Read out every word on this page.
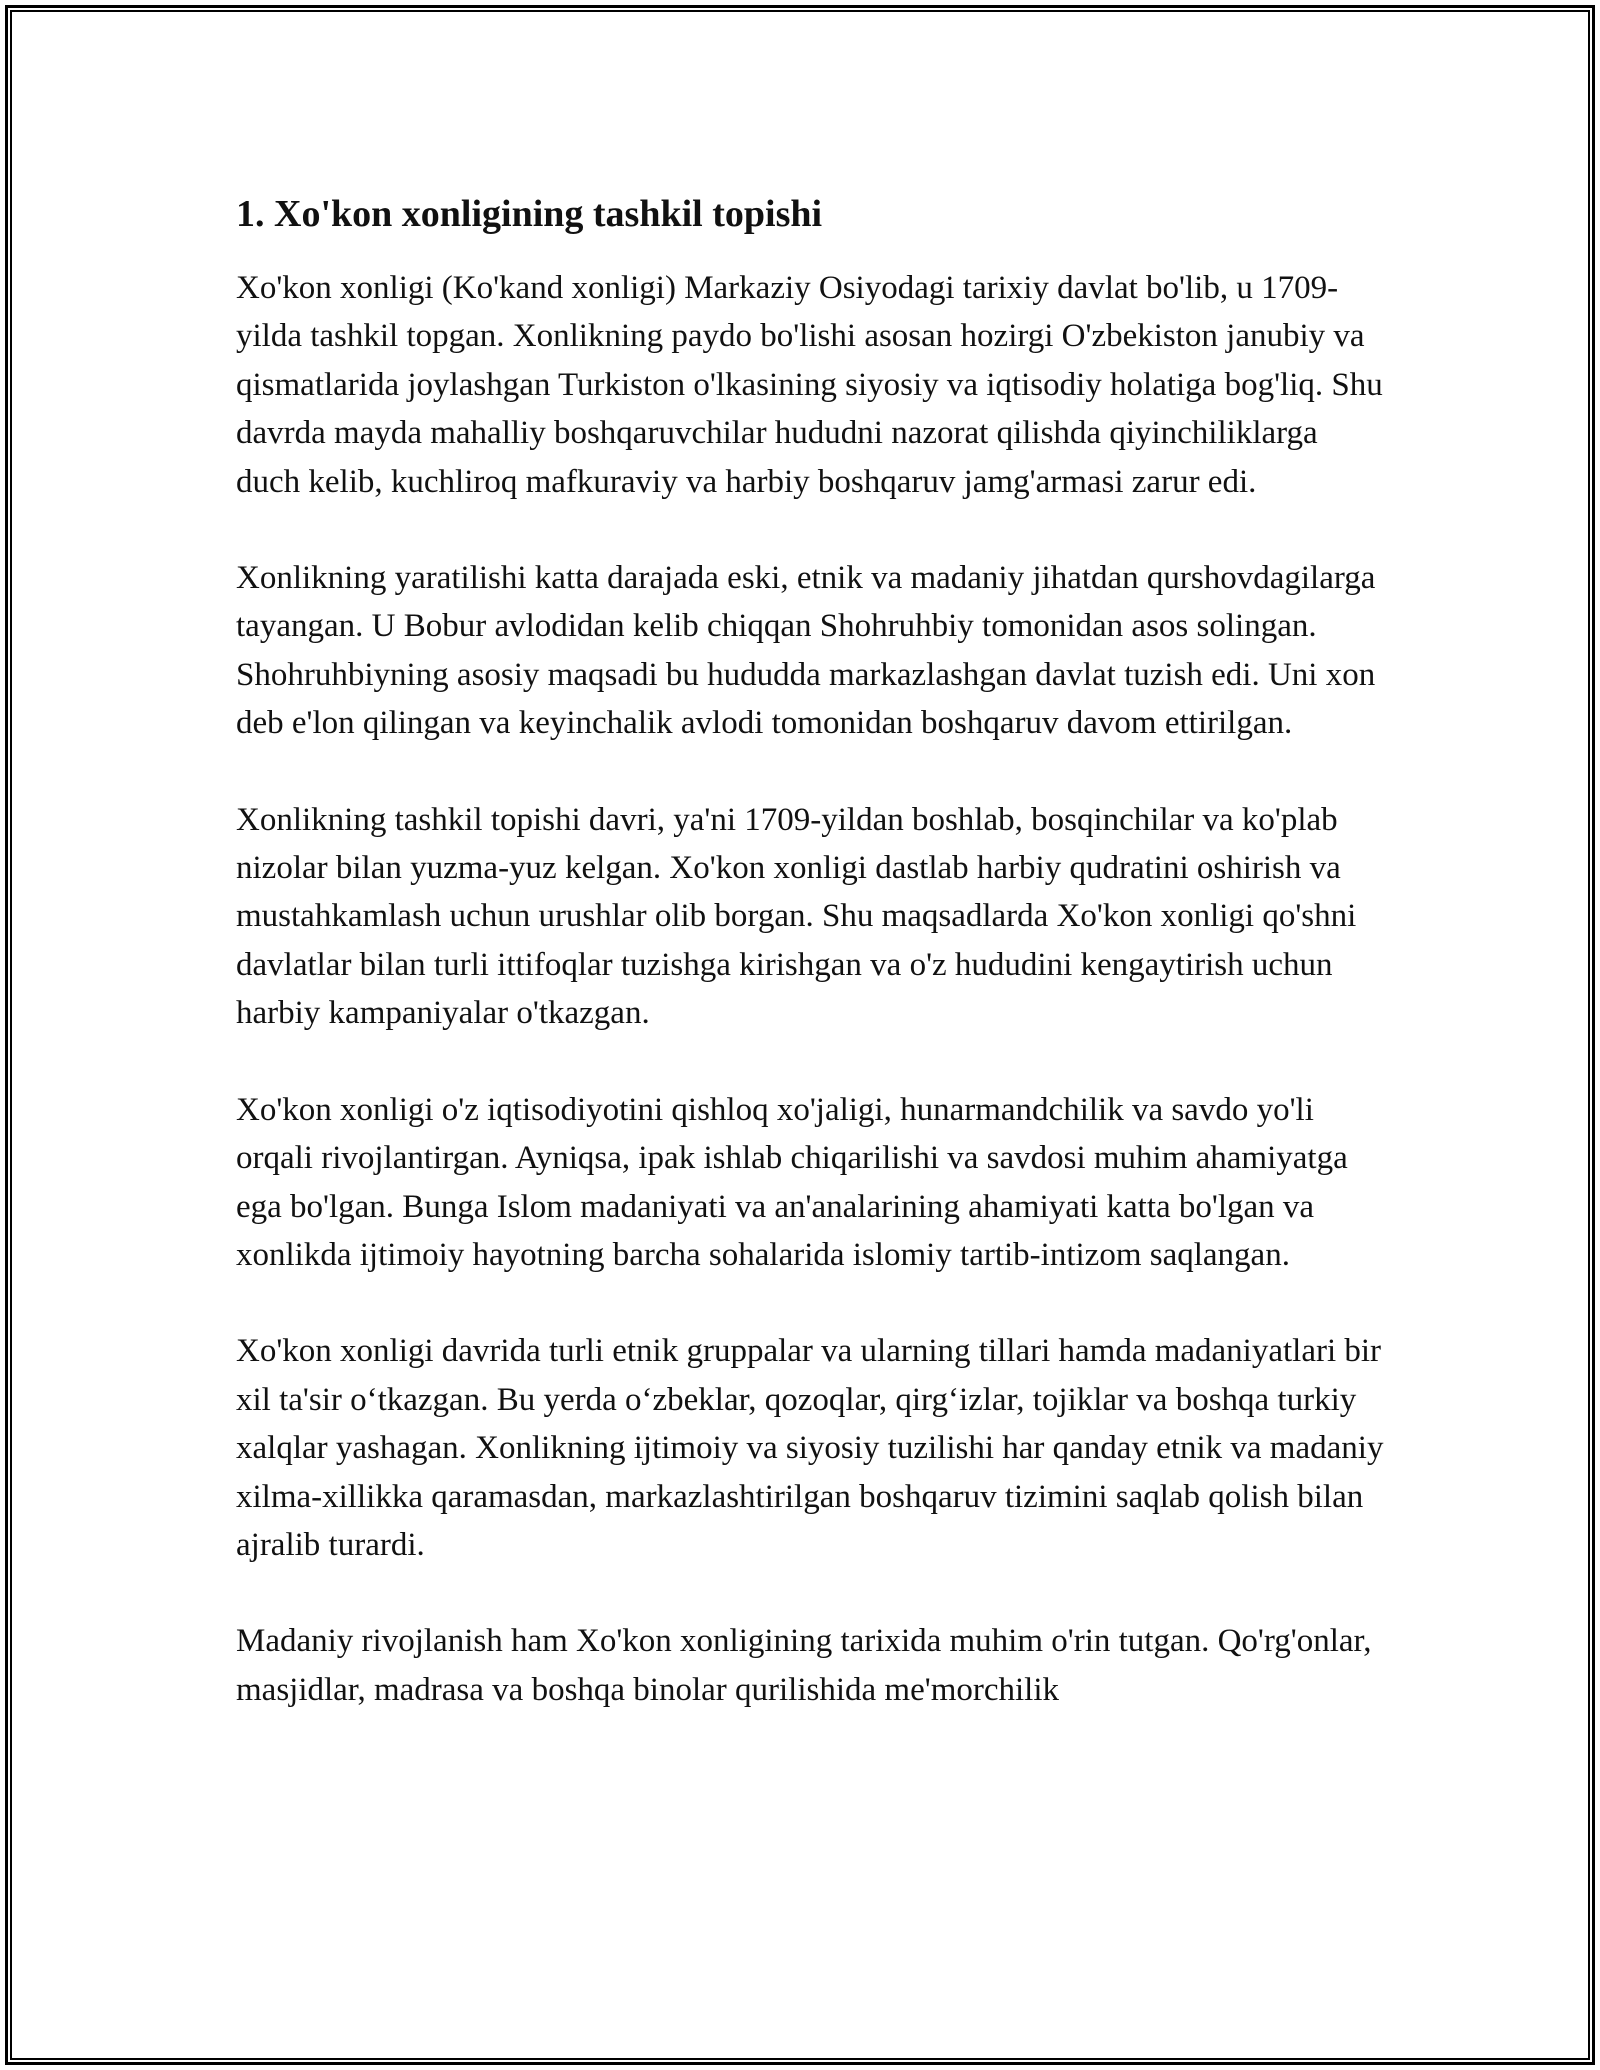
1. Xo'kon xonligining tashkil topishi

Xo'kon xonligi (Ko'kand xonligi) Markaziy Osiyodagi tarixiy davlat bo'lib, u 1709-yilda tashkil topgan. Xonlikning paydo bo'lishi asosan hozirgi O'zbekiston janubiy va qismatlarida joylashgan Turkiston o'lkasining siyosiy va iqtisodiy holatiga bog'liq. Shu davrda mayda mahalliy boshqaruvchilar hududni nazorat qilishda qiyinchiliklarga duch kelib, kuchliroq mafkuraviy va harbiy boshqaruv jamg'armasi zarur edi.

Xonlikning yaratilishi katta darajada eski, etnik va madaniy jihatdan qurshovdagilarga tayangan. U Bobur avlodidan kelib chiqqan Shohruhbiy tomonidan asos solingan. Shohruhbiyning asosiy maqsadi bu hududda markazlashgan davlat tuzish edi. Uni xon deb e'lon qilingan va keyinchalik avlodi tomonidan boshqaruv davom ettirilgan.

Xonlikning tashkil topishi davri, ya'ni 1709-yildan boshlab, bosqinchilar va ko'plab nizolar bilan yuzma-yuz kelgan. Xo'kon xonligi dastlab harbiy qudratini oshirish va mustahkamlash uchun urushlar olib borgan. Shu maqsadlarda Xo'kon xonligi qo'shni davlatlar bilan turli ittifoqlar tuzishga kirishgan va o'z hududini kengaytirish uchun harbiy kampaniyalar o'tkazgan.

Xo'kon xonligi o'z iqtisodiyotini qishloq xo'jaligi, hunarmandchilik va savdo yo'li orqali rivojlantirgan. Ayniqsa, ipak ishlab chiqarilishi va savdosi muhim ahamiyatga ega bo'lgan. Bunga Islom madaniyati va an'analarining ahamiyati katta bo'lgan va xonlikda ijtimoiy hayotning barcha sohalarida islomiy tartib-intizom saqlangan.

Xo'kon xonligi davrida turli etnik gruppalar va ularning tillari hamda madaniyatlari bir xil ta'sir o‘tkazgan. Bu yerda o‘zbeklar, qozoqlar, qirg‘izlar, tojiklar va boshqa turkiy xalqlar yashagan. Xonlikning ijtimoiy va siyosiy tuzilishi har qanday etnik va madaniy xilma-xillikka qaramasdan, markazlashtirilgan boshqaruv tizimini saqlab qolish bilan ajralib turardi.

Madaniy rivojlanish ham Xo'kon xonligining tarixida muhim o'rin tutgan. Qo'rg'onlar, masjidlar, madrasa va boshqa binolar qurilishida me'morchilik
